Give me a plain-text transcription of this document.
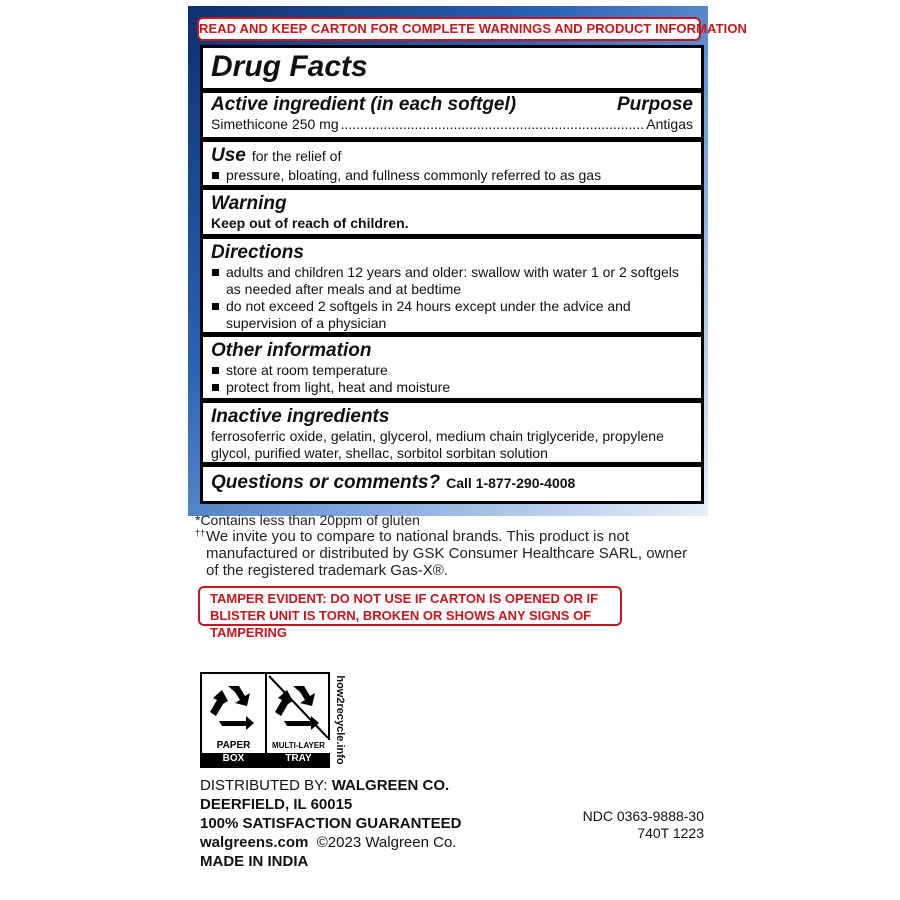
READ AND KEEP CARTON FOR COMPLETE WARNINGS AND PRODUCT INFORMATION
Drug Facts
Active ingredient (in each softgel)	Purpose
Simethicone 250 mg
.....	Antigas
Use for the relief of
pressure, bloating, and fullness commonly referred to as gas
Warning
Keep out of reach of children.
Directions
adults and children 12 years and older: swallow with water 1 or 2 softgels as needed after meals and at bedtime
do not exceed 2 softgels in 24 hours except under the advice and supervision of a physician
Other information
store at room temperature
protect from light, heat and moisture
Inactive ingredients
ferrosoferric oxide, gelatin, glycerol, medium chain triglyceride, propylene glycol, purified water, shellac, sorbitol sorbitan solution
Questions or comments? Call 1-877-290-4008
*Contains less than 20ppm of gluten
†† We invite you to compare to national brands. This product is not manufactured or distributed by GSK Consumer Healthcare SARL, owner of the registered trademark Gas-X®.
TAMPER EVIDENT: DO NOT USE IF CARTON IS OPENED OR IF BLISTER UNIT IS TORN, BROKEN OR SHOWS ANY SIGNS OF TAMPERING
PAPER
BOX
MULTI-LAYER
TRAY	how2recycle.info
DISTRIBUTED BY: WALGREEN CO.
DEERFIELD, IL 60015
100% SATISFACTION GUARANTEED
walgreens.com ©2023 Walgreen Co.
MADE IN INDIA
NDC 0363-9888-30
740T 1223
